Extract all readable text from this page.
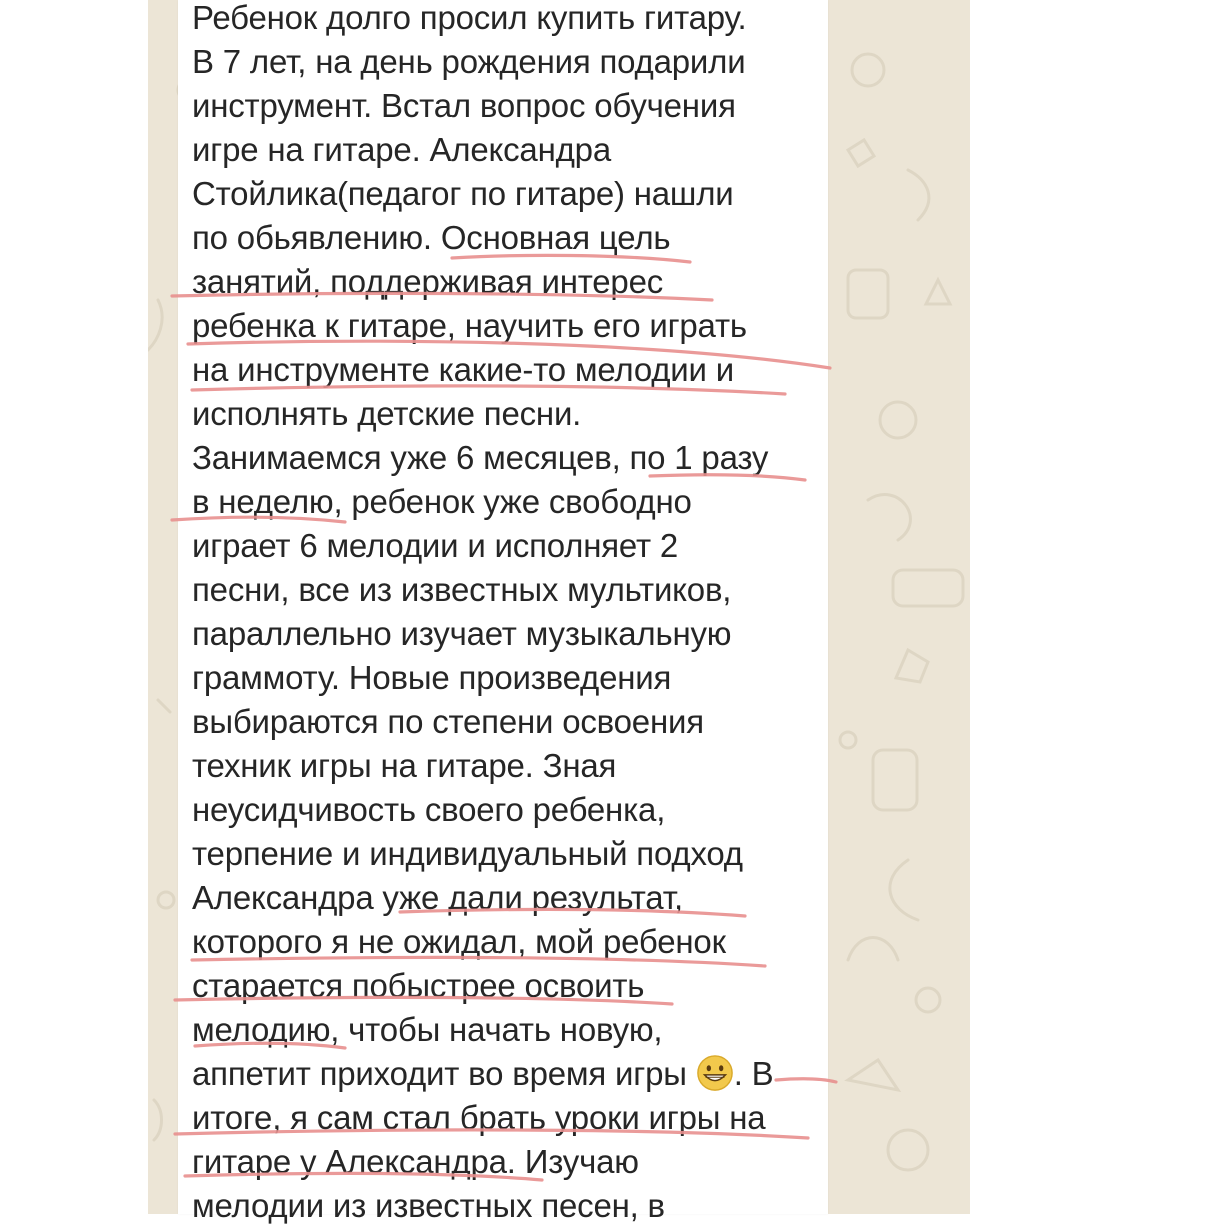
Ребенок долго просил купить гитару.
В 7 лет, на день рождения подарили
инструмент. Встал вопрос обучения
игре на гитаре. Александра
Стойлика(педагог по гитаре) нашли
по обьявлению. Основная цель
занятий, поддерживая интерес
ребенка к гитаре, научить его играть
на инструменте какие-то мелодии и
исполнять детские песни.
Занимаемся уже 6 месяцев, по 1 разу
в неделю, ребенок уже свободно
играет 6 мелодии и исполняет 2
песни, все из известных мультиков,
параллельно изучает музыкальную
граммоту. Новые произведения
выбираются по степени освоения
техник игры на гитаре. Зная
неусидчивость своего ребенка,
терпение и индивидуальный подход
Александра уже дали результат,
которого я не ожидал, мой ребенок
старается побыстрее освоить
мелодию, чтобы начать новую,
аппетит приходит во время игры . В
итоге, я сам стал брать уроки игры на
гитаре у Александра. Изучаю
мелодии из известных песен, в
